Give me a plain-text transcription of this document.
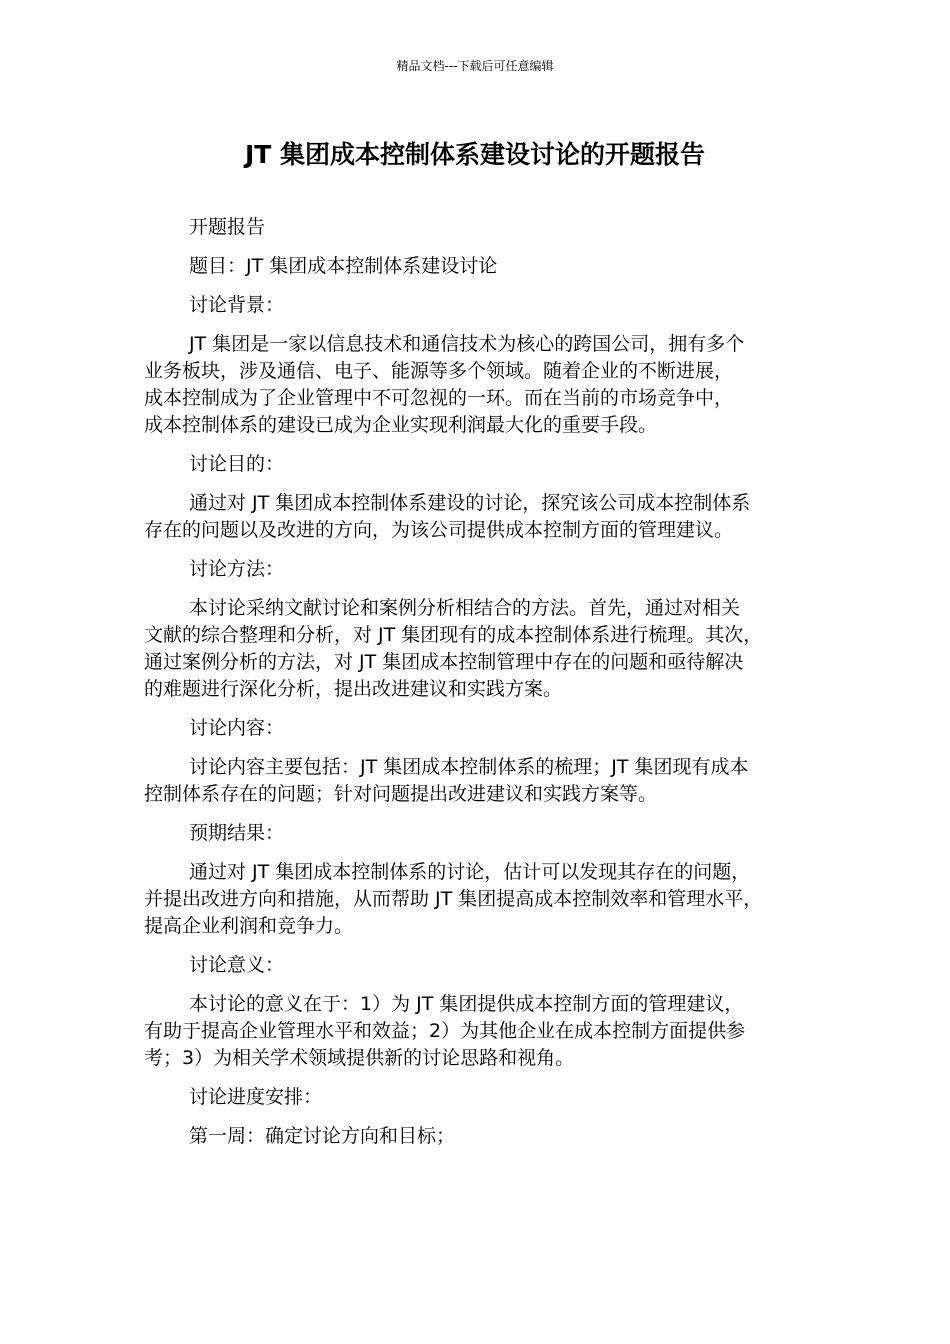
精品文档---下载后可任意编辑
JT 集团成本控制体系建设讨论的开题报告

开题报告

题目：JT 集团成本控制体系建设讨论

讨论背景：

JT 集团是一家以信息技术和通信技术为核心的跨国公司，拥有多个
业务板块，涉及通信、电子、能源等多个领域。随着企业的不断进展，
成本控制成为了企业管理中不可忽视的一环。而在当前的市场竞争中，
成本控制体系的建设已成为企业实现利润最大化的重要手段。

讨论目的：

通过对 JT 集团成本控制体系建设的讨论，探究该公司成本控制体系
存在的问题以及改进的方向，为该公司提供成本控制方面的管理建议。

讨论方法：

本讨论采纳文献讨论和案例分析相结合的方法。首先，通过对相关
文献的综合整理和分析，对 JT 集团现有的成本控制体系进行梳理。其次，
通过案例分析的方法，对 JT 集团成本控制管理中存在的问题和亟待解决
的难题进行深化分析，提出改进建议和实践方案。

讨论内容：

讨论内容主要包括：JT 集团成本控制体系的梳理；JT 集团现有成本
控制体系存在的问题；针对问题提出改进建议和实践方案等。

预期结果：

通过对 JT 集团成本控制体系的讨论，估计可以发现其存在的问题，
并提出改进方向和措施，从而帮助 JT 集团提高成本控制效率和管理水平，
提高企业利润和竞争力。

讨论意义：

本讨论的意义在于：1）为 JT 集团提供成本控制方面的管理建议，
有助于提高企业管理水平和效益；2）为其他企业在成本控制方面提供参
考；3）为相关学术领域提供新的讨论思路和视角。

讨论进度安排：

第一周：确定讨论方向和目标；
